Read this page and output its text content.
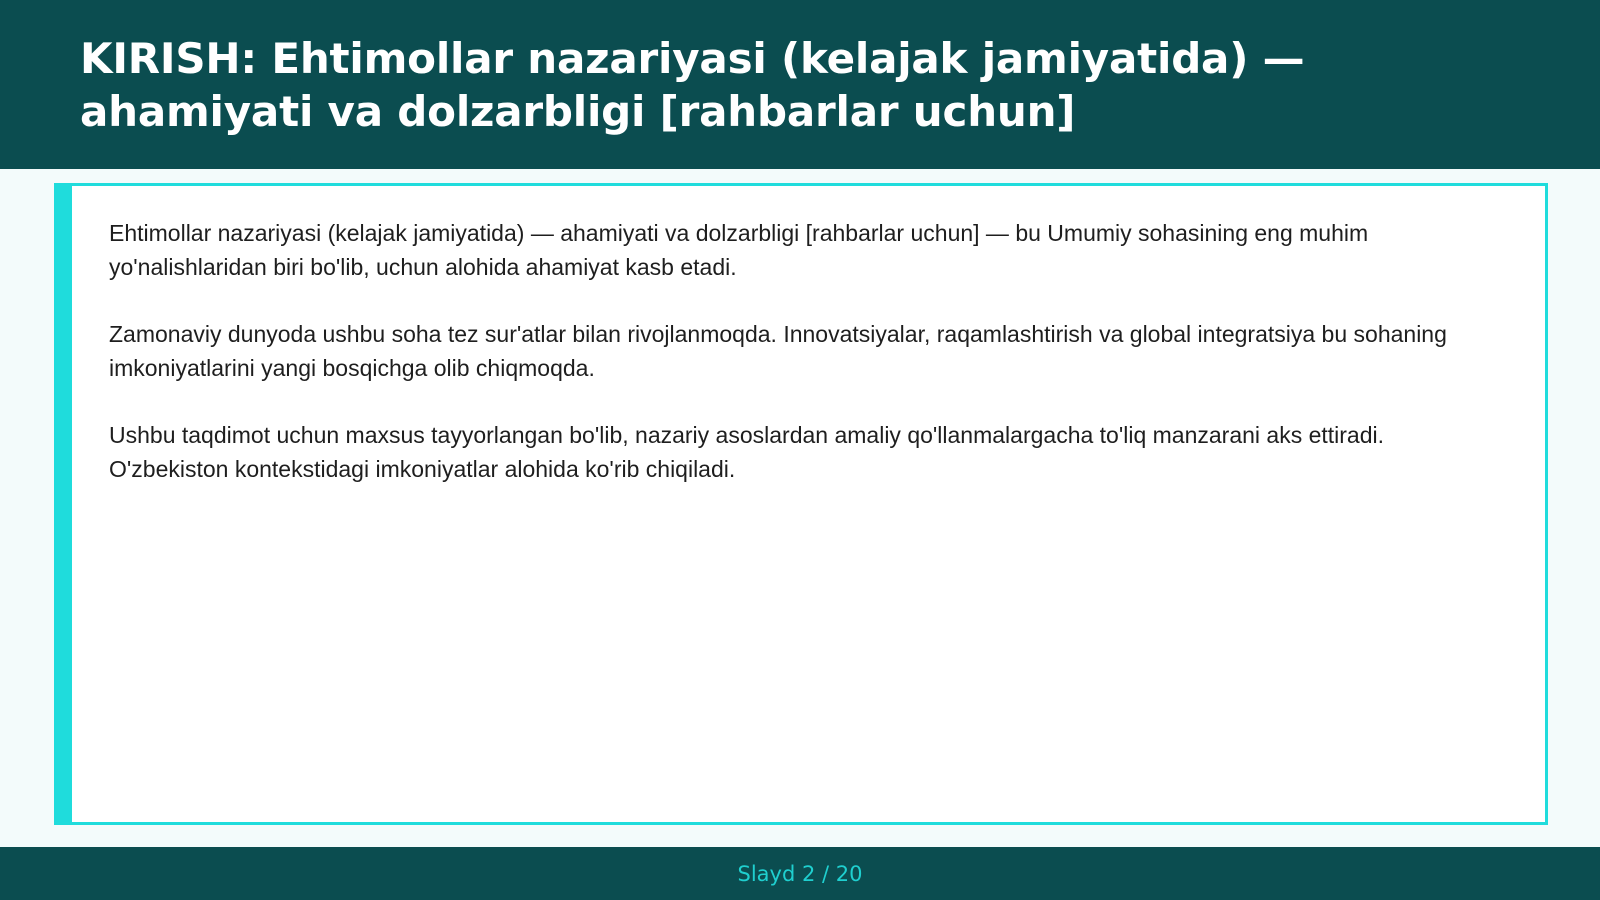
KIRISH: Ehtimollar nazariyasi (kelajak jamiyatida) — ahamiyati va dolzarbligi [rahbarlar uchun]

Ehtimollar nazariyasi (kelajak jamiyatida) — ahamiyati va dolzarbligi [rahbarlar uchun] — bu Umumiy sohasining eng muhim yo'nalishlaridan biri bo'lib, uchun alohida ahamiyat kasb etadi.

Zamonaviy dunyoda ushbu soha tez sur'atlar bilan rivojlanmoqda. Innovatsiyalar, raqamlashtirish va global integratsiya bu sohaning imkoniyatlarini yangi bosqichga olib chiqmoqda.

Ushbu taqdimot uchun maxsus tayyorlangan bo'lib, nazariy asoslardan amaliy qo'llanmalargacha to'liq manzarani aks ettiradi. O'zbekiston kontekstidagi imkoniyatlar alohida ko'rib chiqiladi.

Slayd 2 / 20
